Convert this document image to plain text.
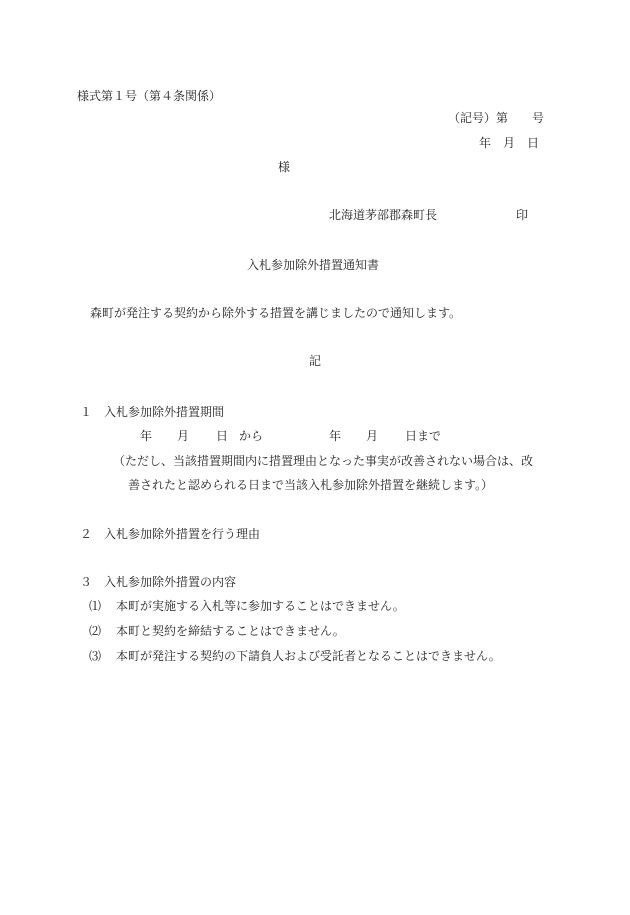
様式第１号（第４条関係）
（記号）第　　号
年　月　日
様
北海道茅部郡森町長	印
入札参加除外措置通知書
森町が発注する契約から除外する措置を講じましたので通知します。
記
１　入札参加除外措置期間
年 月 日 から	年 月 日まで
（ただし、当該措置期間内に措置理由となった事実が改善されない場合は、改
善されたと認められる日まで当該入札参加除外措置を継続します。）
２　入札参加除外措置を行う理由
３　入札参加除外措置の内容
⑴ 本町が実施する入札等に参加することはできません。
⑵ 本町と契約を締結することはできません。
⑶ 本町が発注する契約の下請負人および受託者となることはできません。
